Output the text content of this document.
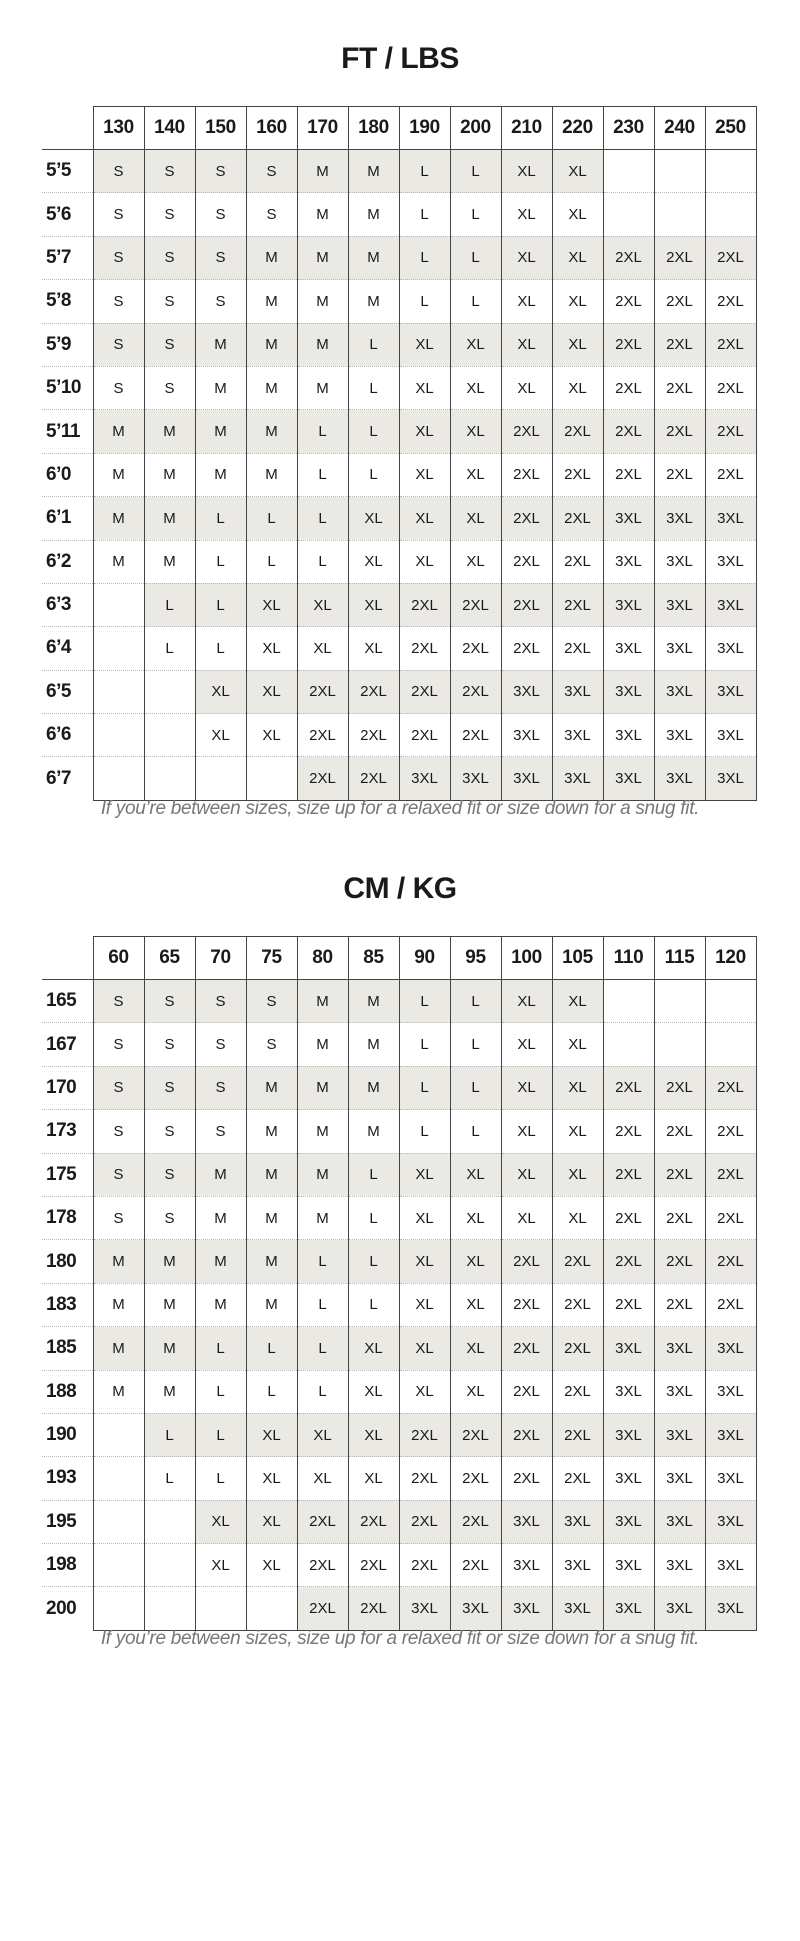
FT / LBS
	130	140	150	160	170	180	190	200	210	220	230	240	250
5’5	S	S	S	S	M	M	L	L	XL	XL			
5’6	S	S	S	S	M	M	L	L	XL	XL			
5’7	S	S	S	M	M	M	L	L	XL	XL	2XL	2XL	2XL
5’8	S	S	S	M	M	M	L	L	XL	XL	2XL	2XL	2XL
5’9	S	S	M	M	M	L	XL	XL	XL	XL	2XL	2XL	2XL
5’10	S	S	M	M	M	L	XL	XL	XL	XL	2XL	2XL	2XL
5’11	M	M	M	M	L	L	XL	XL	2XL	2XL	2XL	2XL	2XL
6’0	M	M	M	M	L	L	XL	XL	2XL	2XL	2XL	2XL	2XL
6’1	M	M	L	L	L	XL	XL	XL	2XL	2XL	3XL	3XL	3XL
6’2	M	M	L	L	L	XL	XL	XL	2XL	2XL	3XL	3XL	3XL
6’3		L	L	XL	XL	XL	2XL	2XL	2XL	2XL	3XL	3XL	3XL
6’4		L	L	XL	XL	XL	2XL	2XL	2XL	2XL	3XL	3XL	3XL
6’5			XL	XL	2XL	2XL	2XL	2XL	3XL	3XL	3XL	3XL	3XL
6’6			XL	XL	2XL	2XL	2XL	2XL	3XL	3XL	3XL	3XL	3XL
6’7					2XL	2XL	3XL	3XL	3XL	3XL	3XL	3XL	3XL
If you’re between sizes, size up for a relaxed fit or size down for a snug fit.
CM / KG
	60	65	70	75	80	85	90	95	100	105	110	115	120
165	S	S	S	S	M	M	L	L	XL	XL			
167	S	S	S	S	M	M	L	L	XL	XL			
170	S	S	S	M	M	M	L	L	XL	XL	2XL	2XL	2XL
173	S	S	S	M	M	M	L	L	XL	XL	2XL	2XL	2XL
175	S	S	M	M	M	L	XL	XL	XL	XL	2XL	2XL	2XL
178	S	S	M	M	M	L	XL	XL	XL	XL	2XL	2XL	2XL
180	M	M	M	M	L	L	XL	XL	2XL	2XL	2XL	2XL	2XL
183	M	M	M	M	L	L	XL	XL	2XL	2XL	2XL	2XL	2XL
185	M	M	L	L	L	XL	XL	XL	2XL	2XL	3XL	3XL	3XL
188	M	M	L	L	L	XL	XL	XL	2XL	2XL	3XL	3XL	3XL
190		L	L	XL	XL	XL	2XL	2XL	2XL	2XL	3XL	3XL	3XL
193		L	L	XL	XL	XL	2XL	2XL	2XL	2XL	3XL	3XL	3XL
195			XL	XL	2XL	2XL	2XL	2XL	3XL	3XL	3XL	3XL	3XL
198			XL	XL	2XL	2XL	2XL	2XL	3XL	3XL	3XL	3XL	3XL
200					2XL	2XL	3XL	3XL	3XL	3XL	3XL	3XL	3XL
If you’re between sizes, size up for a relaxed fit or size down for a snug fit.
